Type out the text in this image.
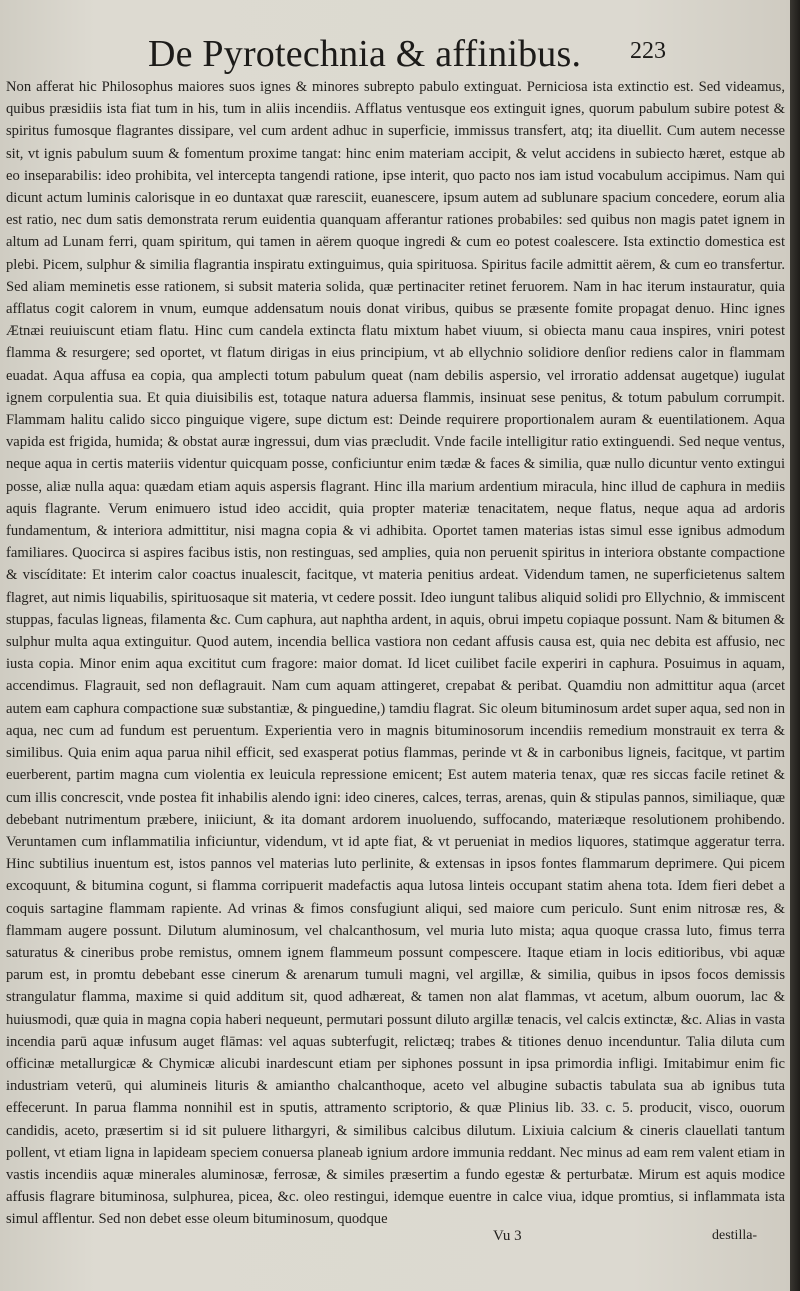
De Pyrotechnia & affinibus. 223

Non afferat hic Philosophus maiores suos ignes & minores subrepto pabulo extinguat. Perniciosa ista extinctio est. Sed videamus, quibus præsidiis ista fiat tum in his, tum in aliis incendiis. Afflatus ventusque eos extinguit ignes, quorum pabulum subire potest & spiritus fumosque flagrantes dissipare, vel cum ardent adhuc in superficie, immissus transfert, atq; ita diuellit. Cum autem necesse sit, vt ignis pabulum suum & fomentum proxime tangat: hinc enim materiam accipit, & velut accidens in subiecto hæret, estque ab eo inseparabilis: ideo prohibita, vel intercepta tangendi ratione, ipse interit, quo pacto nos iam istud vocabulum accipimus. Nam qui dicunt actum luminis calorisque in eo duntaxat quæ raresciit, euanescere, ipsum autem ad sublunare spacium concedere, eorum alia est ratio, nec dum satis demonstrata rerum euidentia quanquam afferantur rationes probabiles: sed quibus non magis patet ignem in altum ad Lunam ferri, quam spiritum, qui tamen in aërem quoque ingredi & cum eo potest coalescere. Ista extinctio domestica est plebi. Picem, sulphur & similia flagrantia inspiratu extinguimus, quia spirituosa. Spiritus facile admittit aërem, & cum eo transfertur. Sed aliam meminetis esse rationem, si subsit materia solida, quæ pertinaciter retinet feruorem. Nam in hac iterum instauratur, quia afflatus cogit calorem in vnum, eumque addensatum nouis donat viribus, quibus se præsente fomite propagat denuo. Hinc ignes Ætnæi reuiuiscunt etiam flatu. Hinc cum candela extincta flatu mixtum habet viuum, si obiecta manu caua inspires, vniri potest flamma & resurgere; sed oportet, vt flatum dirigas in eius principium, vt ab ellychnio solidiore denſior rediens calor in flammam euadat. Aqua affusa ea copia, qua amplecti totum pabulum queat (nam debilis aspersio, vel irroratio addensat augetque) iugulat ignem corpulentia sua. Et quia diuisibilis est, totaque natura aduersa flammis, insinuat sese penitus, & totum pabulum corrumpit. Flammam halitu calido sicco pinguique vigere, supe dictum est: Deinde requirere proportionalem auram & euentilationem. Aqua vapida est frigida, humida; & obstat auræ ingressui, dum vias præcludit. Vnde facile intelligitur ratio extinguendi. Sed neque ventus, neque aqua in certis materiis videntur quicquam posse, conficiuntur enim tædæ & faces & similia, quæ nullo dicuntur vento extingui posse, aliæ nulla aqua: quædam etiam aquis aspersis flagrant. Hinc illa marium ardentium miracula, hinc illud de caphura in mediis aquis flagrante. Verum enimuero istud ideo accidit, quia propter materiæ tenacitatem, neque flatus, neque aqua ad ardoris fundamentum, & interiora admittitur, nisi magna copia & vi adhibita. Oportet tamen materias istas simul esse ignibus admodum familiares. Quocirca si aspires facibus istis, non restinguas, sed amplies, quia non peruenit spiritus in interiora obstante compactione & viscíditate: Et interim calor coactus inualescit, facitque, vt materia penitius ardeat. Videndum tamen, ne superficietenus saltem flagret, aut nimis liquabilis, spirituosaque sit materia, vt cedere possit. Ideo iungunt talibus aliquid solidi pro Ellychnio, & immiscent stuppas, faculas ligneas, filamenta &c. Cum caphura, aut naphtha ardent, in aquis, obrui impetu copiaque possunt. Nam & bitumen & sulphur multa aqua extinguitur. Quod autem, incendia bellica vastiora non cedant affusis causa est, quia nec debita est affusio, nec iusta copia. Minor enim aqua excititut cum fragore: maior domat. Id licet cuilibet facile experiri in caphura. Posuimus in aquam, accendimus. Flagrauit, sed non deflagrauit. Nam cum aquam attingeret, crepabat & peribat. Quamdiu non admittitur aqua (arcet autem eam caphura compactione suæ substantiæ, & pinguedine,) tamdiu flagrat. Sic oleum bituminosum ardet super aqua, sed non in aqua, nec cum ad fundum est peruentum. Experientia vero in magnis bituminosorum incendiis remedium monstrauit ex terra & similibus. Quia enim aqua parua nihil efficit, sed exasperat potius flammas, perinde vt & in carbonibus ligneis, facitque, vt partim euerberent, partim magna cum violentia ex leuicula repressione emicent; Est autem materia tenax, quæ res siccas facile retinet & cum illis concrescit, vnde postea fit inhabilis alendo igni: ideo cineres, calces, terras, arenas, quin & stipulas pannos, similiaque, quæ debebant nutrimentum præbere, iniiciunt, & ita domant ardorem inuoluendo, suffocando, materiæque resolutionem prohibendo. Veruntamen cum inflammatilia inficiuntur, videndum, vt id apte fiat, & vt perueniat in medios liquores, statimque aggeratur terra. Hinc subtilius inuentum est, istos pannos vel materias luto perlinite, & extensas in ipsos fontes flammarum deprimere. Qui picem excoquunt, & bitumina cogunt, si flamma corripuerit madefactis aqua lutosa linteis occupant statim ahena tota. Idem fieri debet a coquis sartagine flammam rapiente. Ad vrinas & fimos consfugiunt aliqui, sed maiore cum periculo. Sunt enim nitrosæ res, & flammam augere possunt. Dilutum aluminosum, vel chalcanthosum, vel muria luto mista; aqua quoque crassa luto, fimus terra saturatus & cineribus probe remistus, omnem ignem flammeum possunt compescere. Itaque etiam in locis editioribus, vbi aquæ parum est, in promtu debebant esse cinerum & arenarum tumuli magni, vel argillæ, & similia, quibus in ipsos focos demissis strangulatur flamma, maxime si quid additum sit, quod adhæreat, & tamen non alat flammas, vt acetum, album ouorum, lac & huiusmodi, quæ quia in magna copia haberi nequeunt, permutari possunt diluto argillæ tenacis, vel calcis extinctæ, &c. Alias in vasta incendia parū aquæ infusum auget flāmas: vel aquas subterfugit, relictæq; trabes & titiones denuo incenduntur. Talia diluta cum officinæ metallurgicæ & Chymicæ alicubi inardescunt etiam per siphones possunt in ipsa primordia infligi. Imitabimur enim fic industriam veterū, qui alumineis lituris & amiantho chalcanthoque, aceto vel albugine subactis tabulata sua ab ignibus tuta effecerunt. In parua flamma nonnihil est in sputis, attramento scriptorio, & quæ Plinius lib. 33. c. 5. producit, visco, ouorum candidis, aceto, præsertim si id sit puluere lithargyri, & similibus calcibus dilutum. Lixiuia calcium & cineris clauellati tantum pollent, vt etiam ligna in lapideam speciem conuersa planeab ignium ardore immunia reddant. Nec minus ad eam rem valent etiam in vastis incendiis aquæ minerales aluminosæ, ferrosæ, & similes præsertim a fundo egestæ & perturbatæ. Mirum est aquis modice affusis flagrare bituminosa, sulphurea, picea, &c. oleo restingui, idemque euentre in calce viua, idque promtius, si inflammata ista simul afflentur. Sed non debet esse oleum bituminosum, quodque

Vu 3	destilla-
